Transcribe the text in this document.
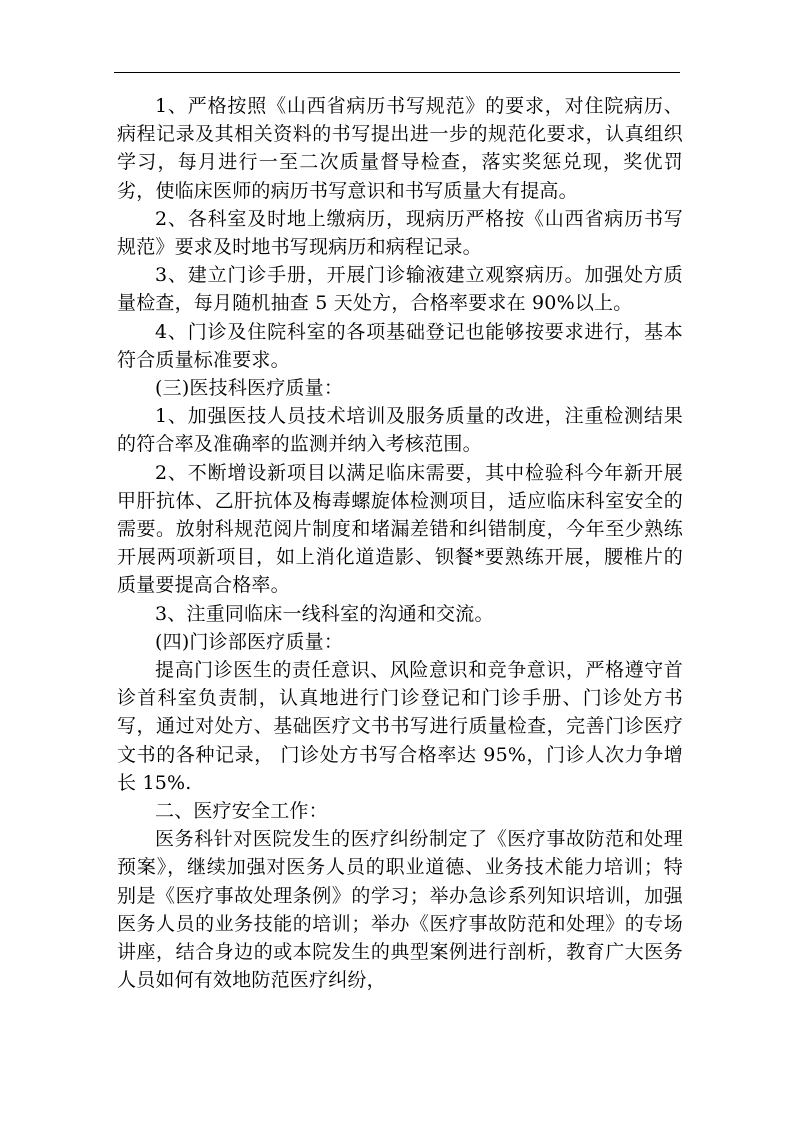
1、严格按照《山西省病历书写规范》的要求，对住院病历、病程记录及其相关资料的书写提出进一步的规范化要求，认真组织学习，每月进行一至二次质量督导检查，落实奖惩兑现，奖优罚劣，使临床医师的病历书写意识和书写质量大有提高。

2、各科室及时地上缴病历，现病历严格按《山西省病历书写规范》要求及时地书写现病历和病程记录。

3、建立门诊手册，开展门诊输液建立观察病历。加强处方质量检查，每月随机抽查 5 天处方，合格率要求在 90%以上。

4、门诊及住院科室的各项基础登记也能够按要求进行，基本符合质量标准要求。

(三)医技科医疗质量：

1、加强医技人员技术培训及服务质量的改进，注重检测结果的符合率及准确率的监测并纳入考核范围。

2、不断增设新项目以满足临床需要，其中检验科今年新开展甲肝抗体、乙肝抗体及梅毒螺旋体检测项目，适应临床科室安全的需要。放射科规范阅片制度和堵漏差错和纠错制度，今年至少熟练开展两项新项目，如上消化道造影、钡餐*要熟练开展，腰椎片的质量要提高合格率。

3、注重同临床一线科室的沟通和交流。

(四)门诊部医疗质量：

提高门诊医生的责任意识、风险意识和竞争意识，严格遵守首诊首科室负责制，认真地进行门诊登记和门诊手册、门诊处方书写，通过对处方、基础医疗文书书写进行质量检查，完善门诊医疗文书的各种记录， 门诊处方书写合格率达 95%，门诊人次力争增长 15%.

二、医疗安全工作：

医务科针对医院发生的医疗纠纷制定了《医疗事故防范和处理预案》，继续加强对医务人员的职业道德、业务技术能力培训；特别是《医疗事故处理条例》的学习；举办急诊系列知识培训，加强医务人员的业务技能的培训；举办《医疗事故防范和处理》的专场讲座，结合身边的或本院发生的典型案例进行剖析，教育广大医务人员如何有效地防范医疗纠纷，
